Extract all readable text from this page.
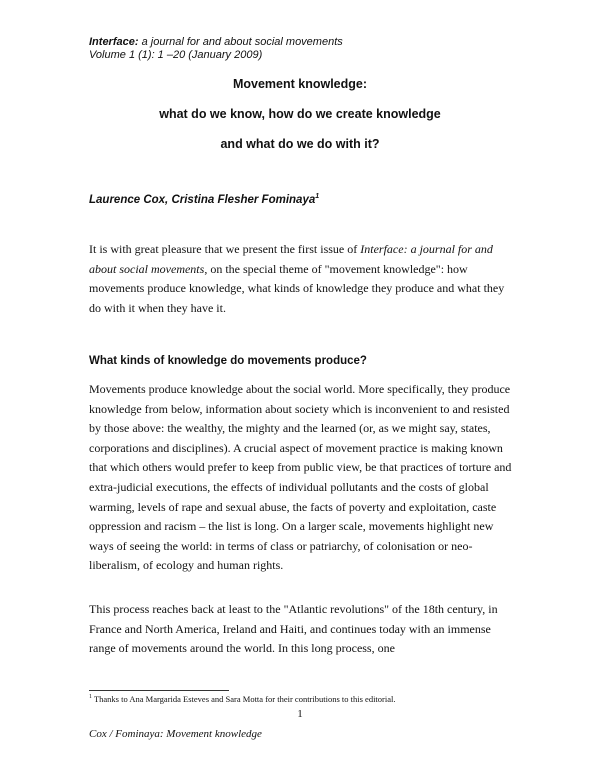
Interface: a journal for and about social movements
Volume 1 (1): 1 –20 (January 2009)
Movement knowledge:
what do we know, how do we create knowledge
and what do we do with it?
Laurence Cox, Cristina Flesher Fominaya$^1$
It is with great pleasure that we present the first issue of Interface: a journal for and about social movements, on the special theme of "movement knowledge": how movements produce knowledge, what kinds of knowledge they produce and what they do with it when they have it.
What kinds of knowledge do movements produce?
Movements produce knowledge about the social world. More specifically, they produce knowledge from below, information about society which is inconvenient to and resisted by those above: the wealthy, the mighty and the learned (or, as we might say, states, corporations and disciplines). A crucial aspect of movement practice is making known that which others would prefer to keep from public view, be that practices of torture and extra-judicial executions, the effects of individual pollutants and the costs of global warming, levels of rape and sexual abuse, the facts of poverty and exploitation, caste oppression and racism – the list is long. On a larger scale, movements highlight new ways of seeing the world: in terms of class or patriarchy, of colonisation or neo-liberalism, of ecology and human rights.
This process reaches back at least to the "Atlantic revolutions" of the 18th century, in France and North America, Ireland and Haiti, and continues today with an immense range of movements around the world. In this long process, one
$^1$ Thanks to Ana Margarida Esteves and Sara Motta for their contributions to this editorial.
1
Cox / Fominaya: Movement knowledge
